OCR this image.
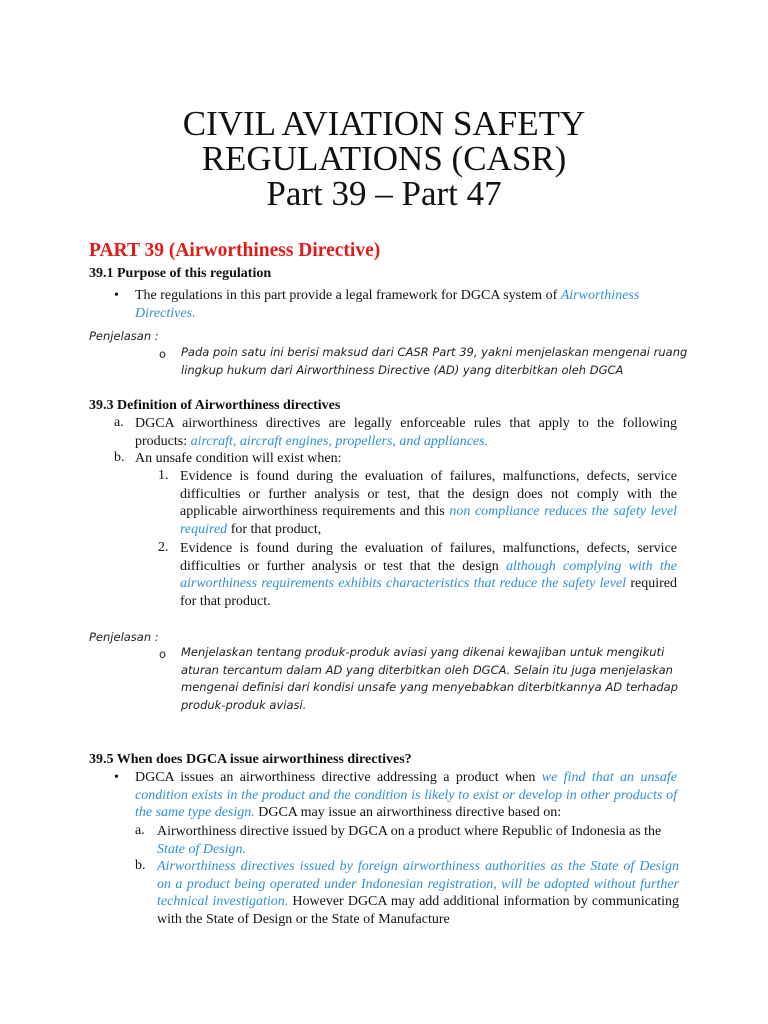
CIVIL AVIATION SAFETY
REGULATIONS (CASR)
Part 39 – Part 47
PART 39 (Airworthiness Directive)
39.1 Purpose of this regulation
• The regulations in this part provide a legal framework for DGCA system of Airworthiness Directives.
Penjelasan :
o Pada poin satu ini berisi maksud dari CASR Part 39, yakni menjelaskan mengenai ruang lingkup hukum dari Airworthiness Directive (AD) yang diterbitkan oleh DGCA
39.3 Definition of Airworthiness directives
a. DGCA airworthiness directives are legally enforceable rules that apply to the following products: aircraft, aircraft engines, propellers, and appliances.
b. An unsafe condition will exist when:
1. Evidence is found during the evaluation of failures, malfunctions, defects, service difficulties or further analysis or test, that the design does not comply with the applicable airworthiness requirements and this non compliance reduces the safety level required for that product,
2. Evidence is found during the evaluation of failures, malfunctions, defects, service difficulties or further analysis or test that the design although complying with the airworthiness requirements exhibits characteristics that reduce the safety level required for that product.
Penjelasan :
o Menjelaskan tentang produk-produk aviasi yang dikenai kewajiban untuk mengikuti aturan tercantum dalam AD yang diterbitkan oleh DGCA. Selain itu juga menjelaskan mengenai definisi dari kondisi unsafe yang menyebabkan diterbitkannya AD terhadap produk-produk aviasi.
39.5 When does DGCA issue airworthiness directives?
• DGCA issues an airworthiness directive addressing a product when we find that an unsafe condition exists in the product and the condition is likely to exist or develop in other products of the same type design. DGCA may issue an airworthiness directive based on:
a. Airworthiness directive issued by DGCA on a product where Republic of Indonesia as the State of Design.
b. Airworthiness directives issued by foreign airworthiness authorities as the State of Design on a product being operated under Indonesian registration, will be adopted without further technical investigation. However DGCA may add additional information by communicating with the State of Design or the State of Manufacture
